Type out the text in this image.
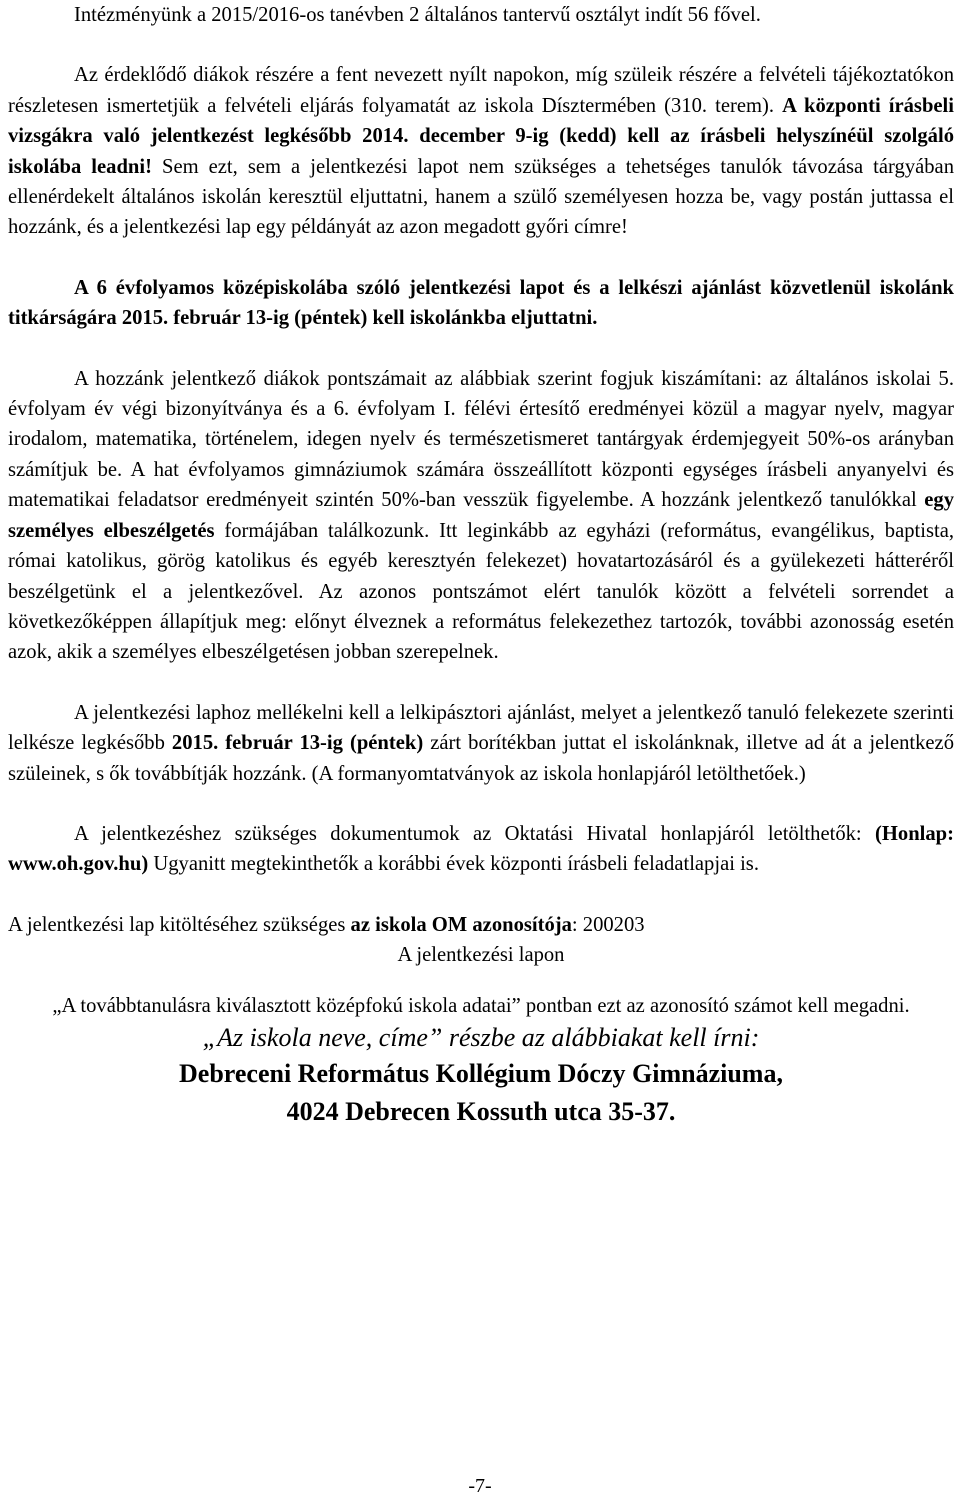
Intézményünk a 2015/2016-os tanévben 2 általános tantervű osztályt indít 56 fővel.

Az érdeklődő diákok részére a fent nevezett nyílt napokon, míg szüleik részére a felvételi tájékoztatókon részletesen ismertetjük a felvételi eljárás folyamatát az iskola Dísztermében (310. terem). A központi írásbeli vizsgákra való jelentkezést legkésőbb 2014. december 9-ig (kedd) kell az írásbeli helyszínéül szolgáló iskolába leadni! Sem ezt, sem a jelentkezési lapot nem szükséges a tehetséges tanulók távozása tárgyában ellenérdekelt általános iskolán keresztül eljuttatni, hanem a szülő személyesen hozza be, vagy postán juttassa el hozzánk, és a jelentkezési lap egy példányát az azon megadott győri címre!

A 6 évfolyamos középiskolába szóló jelentkezési lapot és a lelkészi ajánlást közvetlenül iskolánk titkárságára 2015. február 13-ig (péntek) kell iskolánkba eljuttatni.

A hozzánk jelentkező diákok pontszámait az alábbiak szerint fogjuk kiszámítani: az általános iskolai 5. évfolyam év végi bizonyítványa és a 6. évfolyam I. félévi értesítő eredményei közül a magyar nyelv, magyar irodalom, matematika, történelem, idegen nyelv és természetismeret tantárgyak érdemjegyeit 50%-os arányban számítjuk be. A hat évfolyamos gimnáziumok számára összeállított központi egységes írásbeli anyanyelvi és matematikai feladatsor eredményeit szintén 50%-ban vesszük figyelembe. A hozzánk jelentkező tanulókkal egy személyes elbeszélgetés formájában találkozunk. Itt leginkább az egyházi (református, evangélikus, baptista, római katolikus, görög katolikus és egyéb keresztyén felekezet) hovatartozásáról és a gyülekezeti hátteréről beszélgetünk el a jelentkezővel. Az azonos pontszámot elért tanulók között a felvételi sorrendet a következőképpen állapítjuk meg: előnyt élveznek a református felekezethez tartozók, további azonosság esetén azok, akik a személyes elbeszélgetésen jobban szerepelnek.

A jelentkezési laphoz mellékelni kell a lelkipásztori ajánlást, melyet a jelentkező tanuló felekezete szerinti lelkésze legkésőbb 2015. február 13-ig (péntek) zárt borítékban juttat el iskolánknak, illetve ad át a jelentkező szüleinek, s ők továbbítják hozzánk. (A formanyomtatványok az iskola honlapjáról letölthetőek.)

A jelentkezéshez szükséges dokumentumok az Oktatási Hivatal honlapjáról letölthetők: (Honlap: www.oh.gov.hu) Ugyanitt megtekinthetők a korábbi évek központi írásbeli feladatlapjai is.

A jelentkezési lap kitöltéséhez szükséges az iskola OM azonosítója: 200203

A jelentkezési lapon

„A továbbtanulásra kiválasztott középfokú iskola adatai” pontban ezt az azonosító számot kell megadni.

„Az iskola neve, címe” részbe az alábbiakat kell írni:

Debreceni Református Kollégium Dóczy Gimnáziuma,

4024 Debrecen Kossuth utca 35-37.

-7-
